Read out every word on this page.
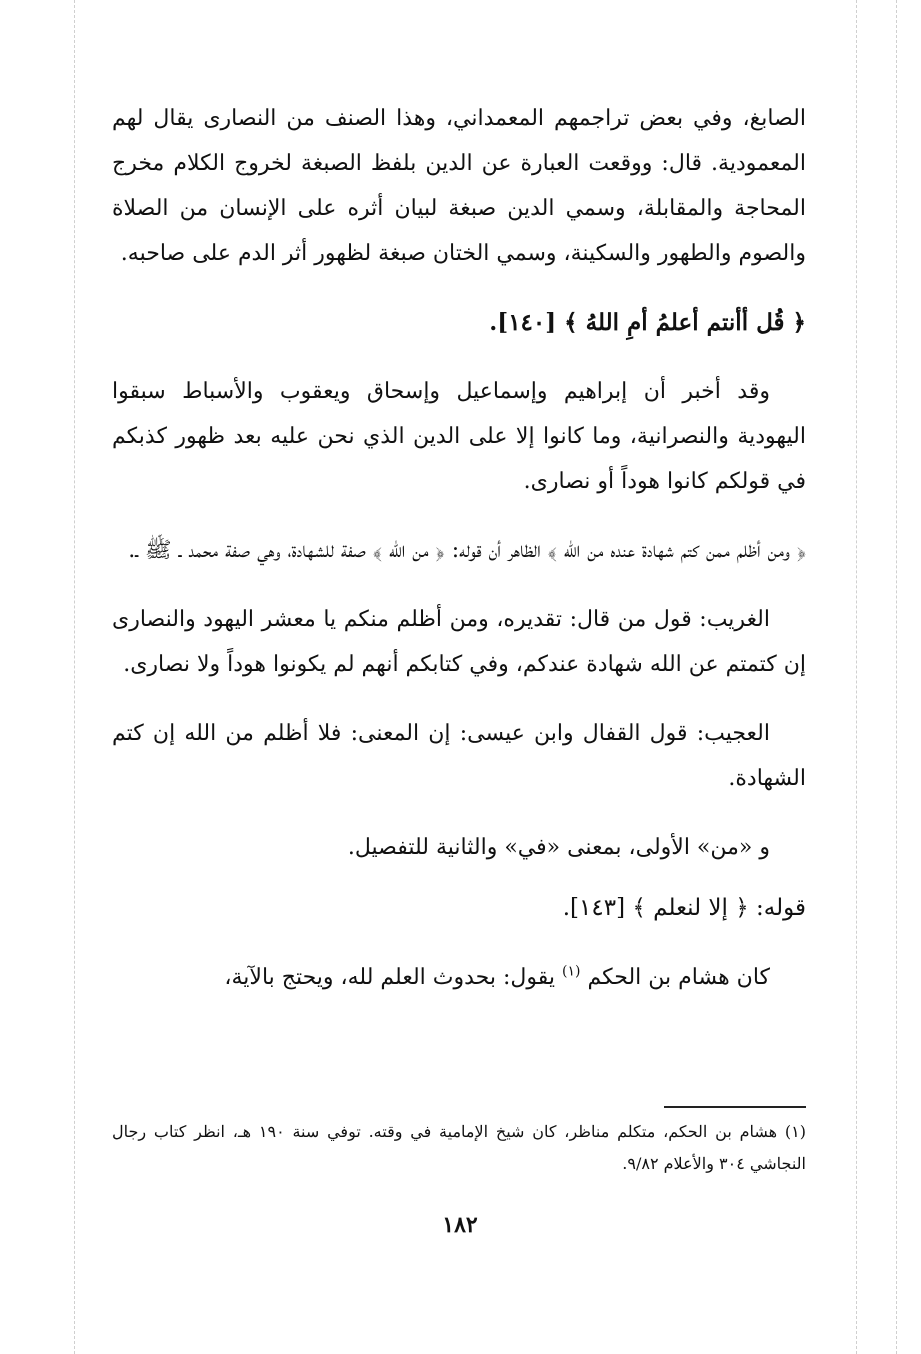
الصابغ، وفي بعض تراجمهم المعمداني، وهذا الصنف من النصارى يقال لهم المعمودية. قال: ووقعت العبارة عن الدين بلفظ الصبغة لخروج الكلام مخرج المحاجة والمقابلة، وسمي الدين صبغة لبيان أثره على الإنسان من الصلاة والصوم والطهور والسكينة، وسمي الختان صبغة لظهور أثر الدم على صاحبه.

﴿ قُل أأنتم أعلمُ أمِ اللهُ ﴾ [١٤٠].

وقد أخبر أن إبراهيم وإسماعيل وإسحاق ويعقوب والأسباط سبقوا اليهودية والنصرانية، وما كانوا إلا على الدين الذي نحن عليه بعد ظهور كذبكم في قولكم كانوا هوداً أو نصارى.

﴿ ومن أظلم ممن كتم شهادة عنده من الله ﴾ الظاهر أن قوله: ﴿ من الله ﴾ صفة للشهادة، وهي صفة محمد ـ ﷺ ـ.

الغريب: قول من قال: تقديره، ومن أظلم منكم يا معشر اليهود والنصارى إن كتمتم عن الله شهادة عندكم، وفي كتابكم أنهم لم يكونوا هوداً ولا نصارى.

العجيب: قول القفال وابن عيسى: إن المعنى: فلا أظلم من الله إن كتم الشهادة.

و «من» الأولى، بمعنى «في» والثانية للتفصيل.

قوله: ﴿ إلا لنعلم ﴾ [١٤٣].

كان هشام بن الحكم $^{(١)}$ يقول: بحدوث العلم لله، ويحتج بالآية،

(١) هشام بن الحكم، متكلم مناظر، كان شيخ الإمامية في وقته. توفي سنة ١٩٠ هـ، انظر كتاب رجال النجاشي ٣٠٤ والأعلام ٩/٨٢.

١٨٢
